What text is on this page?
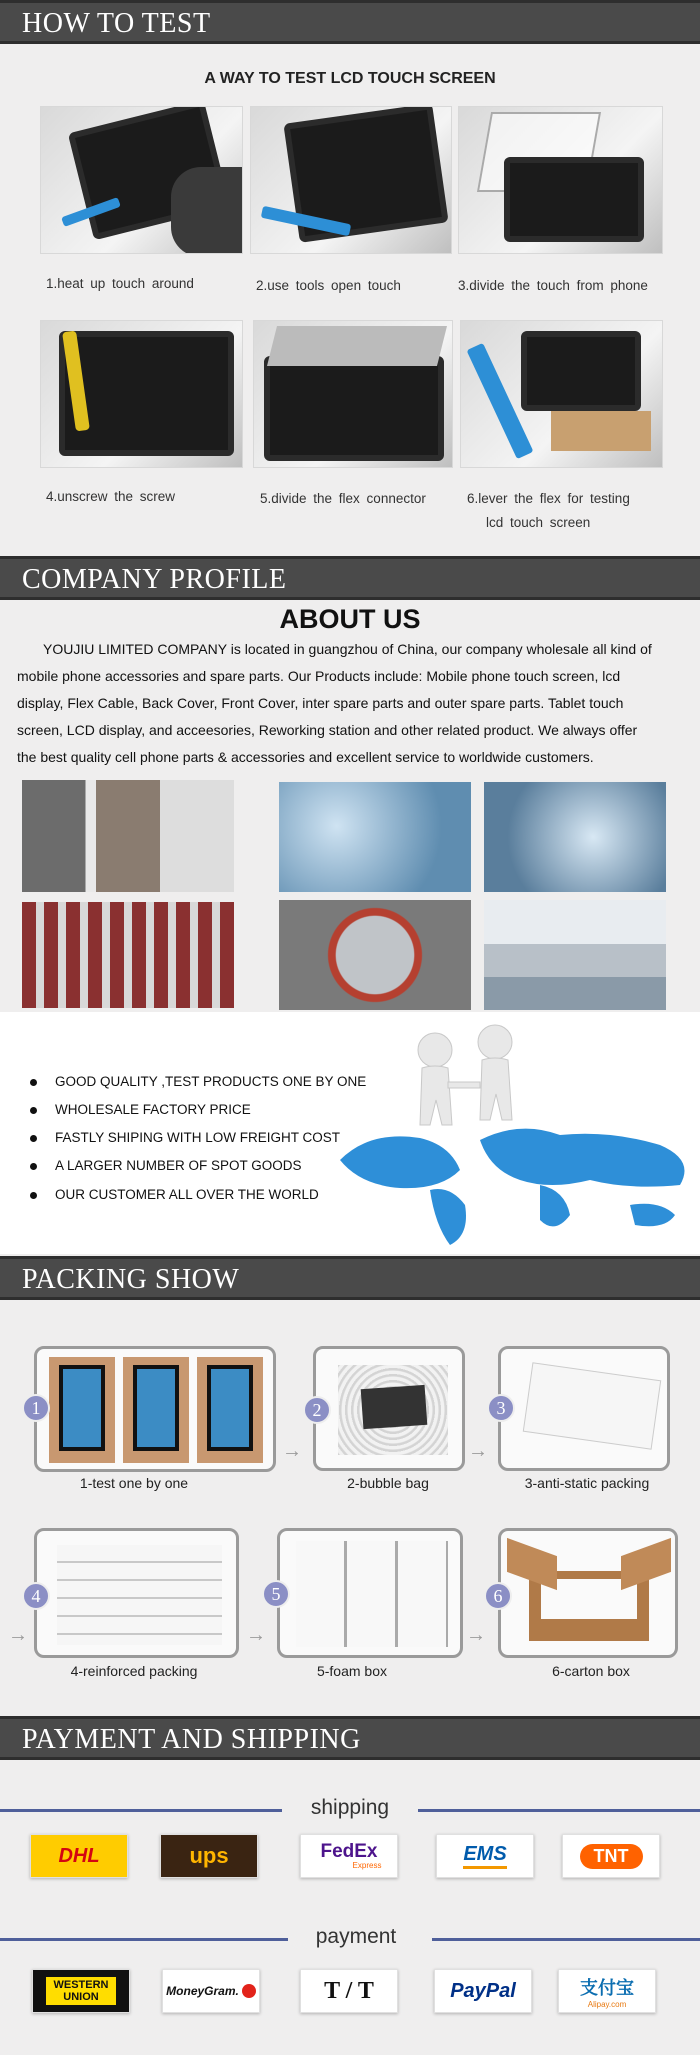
HOW TO TEST
A WAY TO TEST LCD TOUCH SCREEN
1.heat up touch around	2.use tools open touch	3.divide the touch from phone
4.unscrew the screw	5.divide the flex connector	6.lever the flex for testing
lcd touch screen
COMPANY PROFILE
ABOUT US
YOUJIU LIMITED COMPANY is located in guangzhou of China, our company wholesale all kind of mobile phone accessories and spare parts. Our Products include: Mobile phone touch screen, lcd display, Flex Cable, Back Cover, Front Cover, inter spare parts and outer spare parts. Tablet touch screen, LCD display, and acceesories, Reworking station and other related product. We always offer the best quality cell phone parts & accessories and excellent service to worldwide customers.
GOOD QUALITY ,TEST PRODUCTS ONE BY ONE
WHOLESALE FACTORY PRICE
FASTLY SHIPING WITH LOW FREIGHT COST
A LARGER NUMBER OF SPOT GOODS
OUR CUSTOMER ALL OVER THE WORLD
PACKING SHOW
1
1-test one by one
→
2
2-bubble bag
→
3
3-anti-static packing
→
4
4-reinforced packing
→
5
5-foam box
→
6
6-carton box
PAYMENT AND SHIPPING
shipping
DHL	ups	FedEx
Express
EMS	TNT
payment
WESTERN UNION	MoneyGram.	T / T	PayPal	支付宝
Alipay.com
